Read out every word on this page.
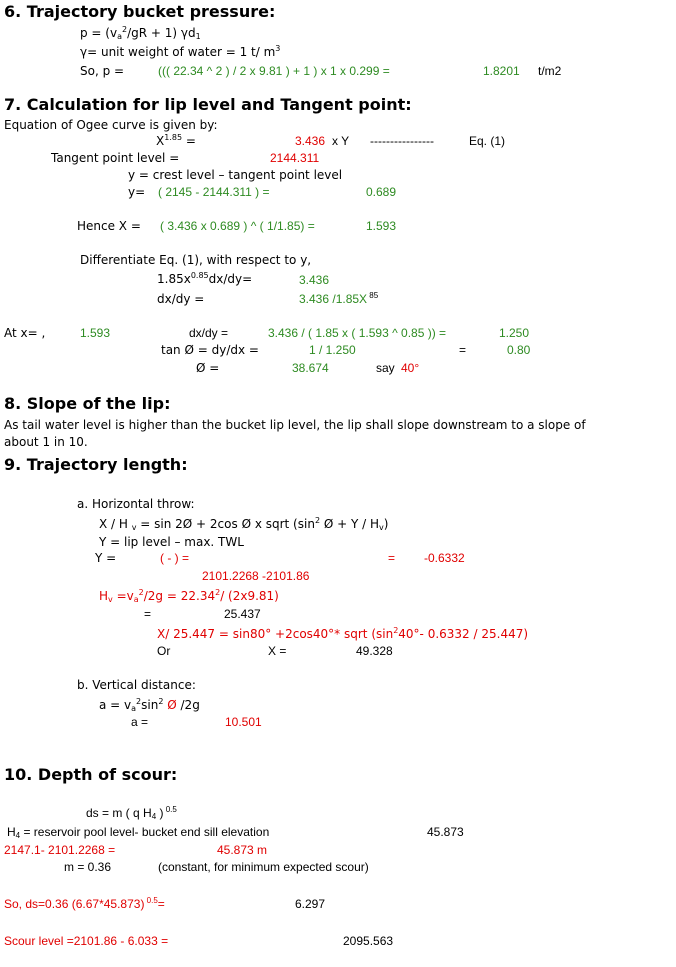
6. Trajectory bucket pressure:
$p = (v_a^2/gR + 1)$ $\gamma d_1$
γ= unit weight of water = 1 t/ $m^3$
So, p =	((( 22.34 ^ 2 ) / 2 x 9.81 ) + 1 ) x 1 x 0.299 =	1.8201 t/m2
7. Calculation for lip level and Tangent point:
Equation of Ogee curve is given by:
$X^{1.85}$ =	3.436 x Y ----------------	Eq. (1)
Tangent point level =	2144.311
y = crest level – tangent point level
y= ( 2145 - 2144.311 ) =	0.689
Hence X = ( 3.436 x 0.689 ) ^ ( 1/1.85) =	1.593
Differentiate Eq. (1), with respect to y,
$1.85x^{0.85}dx/dy=$	3.436
dx/dy =	3.436 /1.85X $^{85}$
At x= ,	1.593	dx/dy =	3.436 / ( 1.85 x ( 1.593 ^ 0.85 )) =	1.250
tan Ø = dy/dx =	1 / 1.250	=	0.80
Ø =	38.674	say 40°
8. Slope of the lip:
As tail water level is higher than the bucket lip level, the lip shall slope downstream to a slope of
about 1 in 10.
9. Trajectory length:
a. Horizontal throw:
X / H $_v$ = sin 2Ø + 2cos Ø x sqrt ($\sin^2$ Ø + Y / $H_v$)
Y = lip level – max. TWL
Y =	( - ) =	= -0.6332
2101.2268 -2101.86
$H_v =v_a^2/2g = 22.34^2/$ (2x9.81)
=	25.437
X/ 25.447 = sin80° +2cos40°* sqrt ($\sin^240^\circ-$ 0.6332 / 25.447)
Or	X =	49.328
b. Vertical distance:
$a = v_a^2\sin^2$ Ø /2g
a =	10.501
10. Depth of scour:
ds = m ( q $H_4$ ) $^{0.5}$
$H_4$ = reservoir pool level- bucket end sill elevation	45.873
2147.1- 2101.2268 =	45.873 m
m = 0.36	(constant, for minimum expected scour)
So, ds=0.36 (6.67*45.873) $^{0.5}$=	6.297
Scour level =2101.86 - 6.033 =	2095.563
